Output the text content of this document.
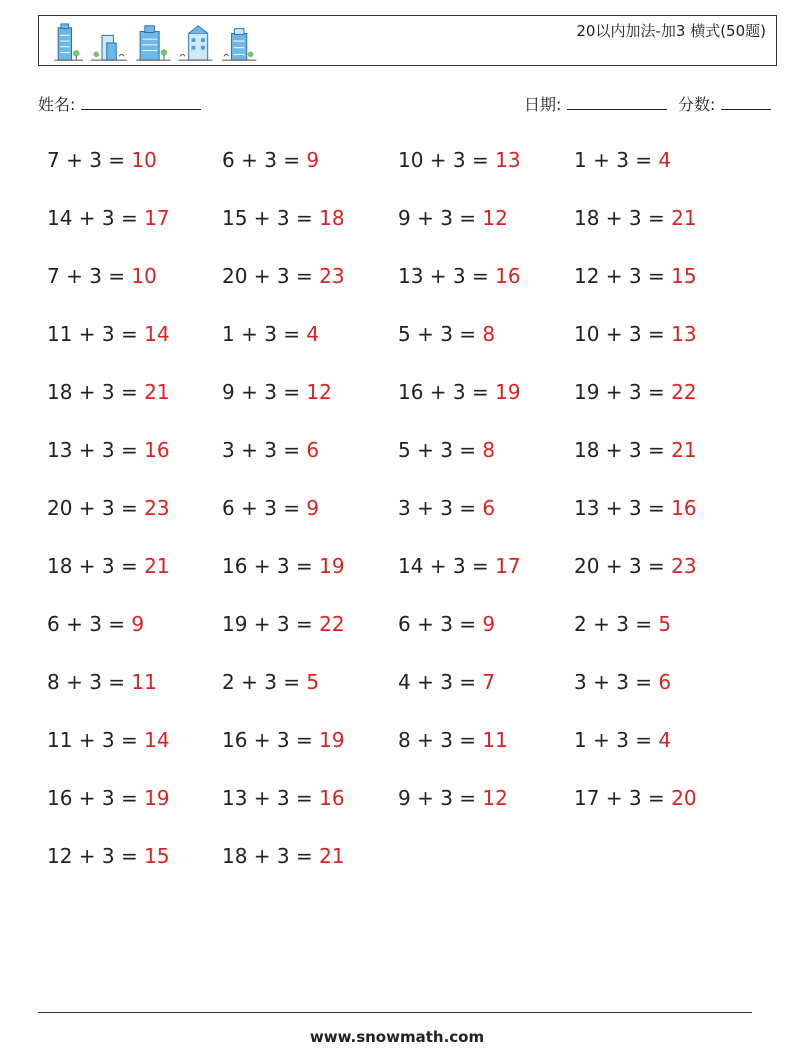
20以内加法-加3 横式(50题)
姓名:	日期:	分数:
7 + 3 = 10	6 + 3 = 9	10 + 3 = 13	1 + 3 = 4
14 + 3 = 17	15 + 3 = 18	9 + 3 = 12	18 + 3 = 21
7 + 3 = 10	20 + 3 = 23	13 + 3 = 16	12 + 3 = 15
11 + 3 = 14	1 + 3 = 4	5 + 3 = 8	10 + 3 = 13
18 + 3 = 21	9 + 3 = 12	16 + 3 = 19	19 + 3 = 22
13 + 3 = 16	3 + 3 = 6	5 + 3 = 8	18 + 3 = 21
20 + 3 = 23	6 + 3 = 9	3 + 3 = 6	13 + 3 = 16
18 + 3 = 21	16 + 3 = 19	14 + 3 = 17	20 + 3 = 23
6 + 3 = 9	19 + 3 = 22	6 + 3 = 9	2 + 3 = 5
8 + 3 = 11	2 + 3 = 5	4 + 3 = 7	3 + 3 = 6
11 + 3 = 14	16 + 3 = 19	8 + 3 = 11	1 + 3 = 4
16 + 3 = 19	13 + 3 = 16	9 + 3 = 12	17 + 3 = 20
12 + 3 = 15	18 + 3 = 21
www.snowmath.com
